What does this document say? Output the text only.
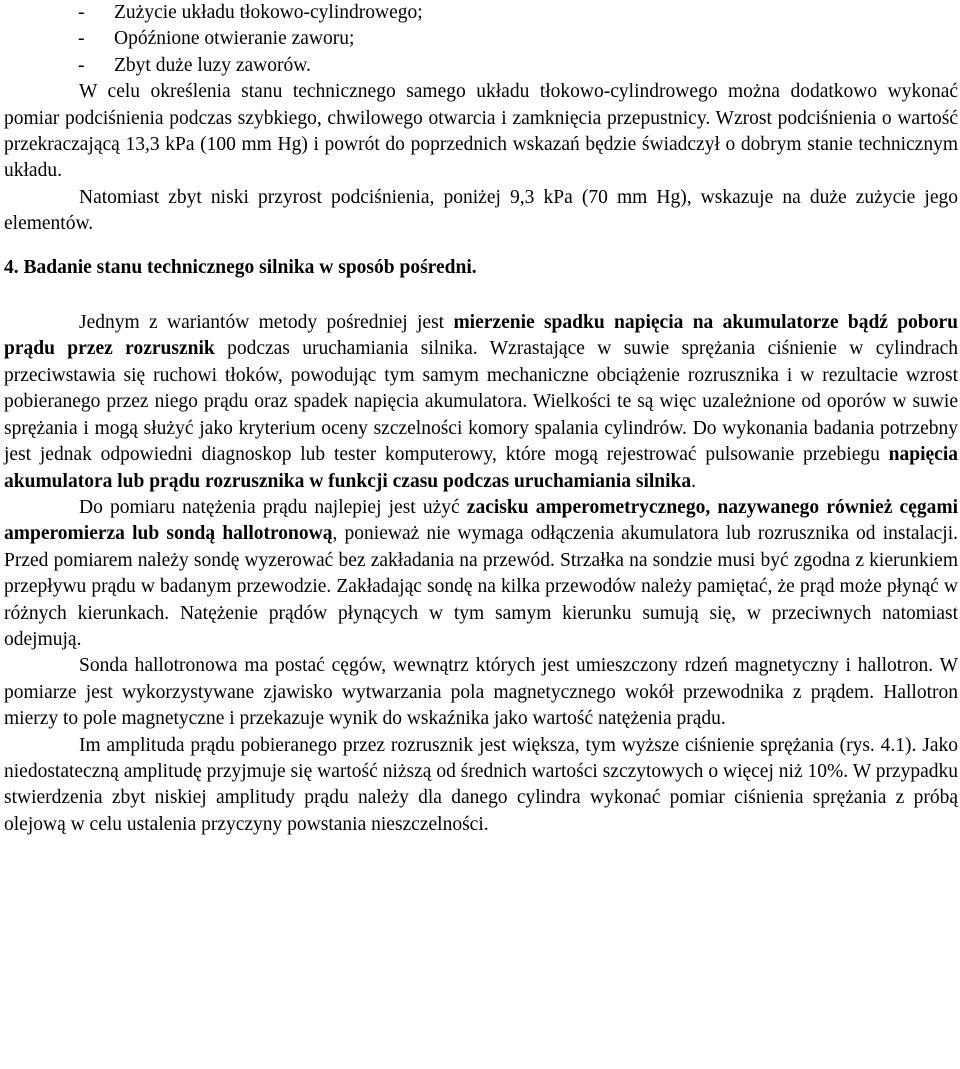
- Zużycie układu tłokowo-cylindrowego;
- Opóźnione otwieranie zaworu;
- Zbyt duże luzy zaworów.

W celu określenia stanu technicznego samego układu tłokowo-cylindrowego można dodatkowo wykonać pomiar podciśnienia podczas szybkiego, chwilowego otwarcia i zamknięcia przepustnicy. Wzrost podciśnienia o wartość przekraczającą 13,3 kPa (100 mm Hg) i powrót do poprzednich wskazań będzie świadczył o dobrym stanie technicznym układu.

Natomiast zbyt niski przyrost podciśnienia, poniżej 9,3 kPa (70 mm Hg), wskazuje na duże zużycie jego elementów.

4. Badanie stanu technicznego silnika w sposób pośredni.

Jednym z wariantów metody pośredniej jest mierzenie spadku napięcia na akumulatorze bądź poboru prądu przez rozrusznik podczas uruchamiania silnika. Wzrastające w suwie sprężania ciśnienie w cylindrach przeciwstawia się ruchowi tłoków, powodując tym samym mechaniczne obciążenie rozrusznika i w rezultacie wzrost pobieranego przez niego prądu oraz spadek napięcia akumulatora. Wielkości te są więc uzależnione od oporów w suwie sprężania i mogą służyć jako kryterium oceny szczelności komory spalania cylindrów. Do wykonania badania potrzebny jest jednak odpowiedni diagnoskop lub tester komputerowy, które mogą rejestrować pulsowanie przebiegu napięcia akumulatora lub prądu rozrusznika w funkcji czasu podczas uruchamiania silnika.

Do pomiaru natężenia prądu najlepiej jest użyć zacisku amperometrycznego, nazywanego również cęgami amperomierza lub sondą hallotronową, ponieważ nie wymaga odłączenia akumulatora lub rozrusznika od instalacji. Przed pomiarem należy sondę wyzerować bez zakładania na przewód. Strzałka na sondzie musi być zgodna z kierunkiem przepływu prądu w badanym przewodzie. Zakładając sondę na kilka przewodów należy pamiętać, że prąd może płynąć w różnych kierunkach. Natężenie prądów płynących w tym samym kierunku sumują się, w przeciwnych natomiast odejmują.

Sonda hallotronowa ma postać cęgów, wewnątrz których jest umieszczony rdzeń magnetyczny i hallotron. W pomiarze jest wykorzystywane zjawisko wytwarzania pola magnetycznego wokół przewodnika z prądem. Hallotron mierzy to pole magnetyczne i przekazuje wynik do wskaźnika jako wartość natężenia prądu.

Im amplituda prądu pobieranego przez rozrusznik jest większa, tym wyższe ciśnienie sprężania (rys. 4.1). Jako niedostateczną amplitudę przyjmuje się wartość niższą od średnich wartości szczytowych o więcej niż 10%. W przypadku stwierdzenia zbyt niskiej amplitudy prądu należy dla danego cylindra wykonać pomiar ciśnienia sprężania z próbą olejową w celu ustalenia przyczyny powstania nieszczelności.
